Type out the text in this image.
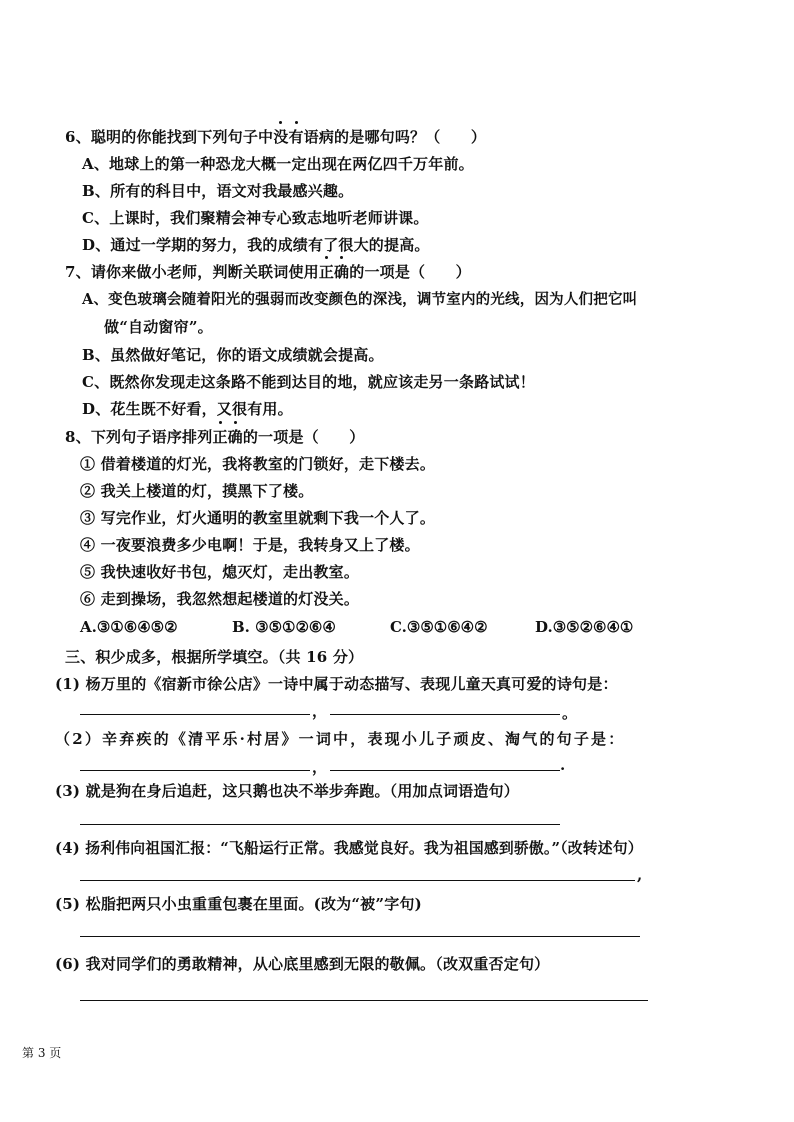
6、聪明的你能找到下列句子中没有语病的是哪句吗？（　　）
A、地球上的第一种恐龙大概一定出现在两亿四千万年前。
B、所有的科目中，语文对我最感兴趣。
C、上课时，我们聚精会神专心致志地听老师讲课。
D、通过一学期的努力，我的成绩有了很大的提高。
7、请你来做小老师，判断关联词使用正确的一项是（　　）
A、变色玻璃会随着阳光的强弱而改变颜色的深浅，调节室内的光线，因为人们把它叫
做“自动窗帘”。
B、虽然做好笔记，你的语文成绩就会提高。
C、既然你发现走这条路不能到达目的地，就应该走另一条路试试！
D、花生既不好看，又很有用。
8、下列句子语序排列正确的一项是（　　）
① 借着楼道的灯光，我将教室的门锁好，走下楼去。
② 我关上楼道的灯，摸黑下了楼。
③ 写完作业，灯火通明的教室里就剩下我一个人了。
④ 一夜要浪费多少电啊！于是，我转身又上了楼。
⑤ 我快速收好书包，熄灭灯，走出教室。
⑥ 走到操场，我忽然想起楼道的灯没关。
A.③①⑥④⑤②	B. ③⑤①②⑥④	C.③⑤①⑥④②	D.③⑤②⑥④①
三、积少成多，根据所学填空。（共 16 分）
(1) 杨万里的《宿新市徐公店》一诗中属于动态描写、表现儿童天真可爱的诗句是：
，	。
（2）辛弃疾的《清平乐·村居》一词中，表现小儿子顽皮、淘气的句子是：
，	.
(3) 就是狗在身后追赶，这只鹅也决不举步奔跑。（用加点词语造句）
(4) 扬利伟向祖国汇报：“飞船运行正常。我感觉良好。我为祖国感到骄傲。”（改转述句）
,
(5) 松脂把两只小虫重重包裹在里面。(改为“被”字句)
(6) 我对同学们的勇敢精神，从心底里感到无限的敬佩。（改双重否定句）
第 3 页
